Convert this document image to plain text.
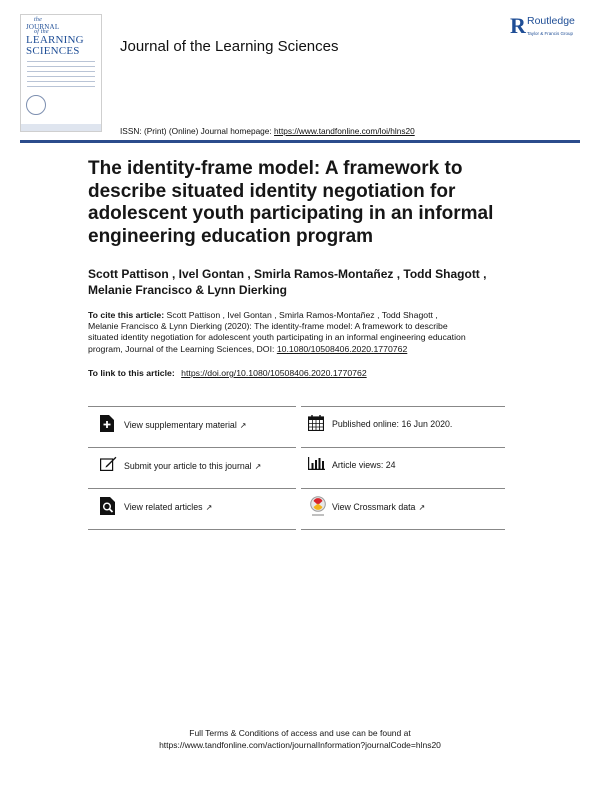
the
JOURNAL
of the
LEARNING
SCIENCES
R Routledge
Taylor & Francis Group
Journal of the Learning Sciences
ISSN: (Print) (Online) Journal homepage: https://www.tandfonline.com/loi/hlns20
The identity-frame model: A framework to
describe situated identity negotiation for
adolescent youth participating in an informal
engineering education program
Scott Pattison , Ivel Gontan , Smirla Ramos-Montañez , Todd Shagott ,
Melanie Francisco & Lynn Dierking
To cite this article: Scott Pattison , Ivel Gontan , Smirla Ramos-Montañez , Todd Shagott ,
Melanie Francisco & Lynn Dierking (2020): The identity-frame model: A framework to describe
situated identity negotiation for adolescent youth participating in an informal engineering education
program, Journal of the Learning Sciences, DOI: 10.1080/10508406.2020.1770762
To link to this article: https://doi.org/10.1080/10508406.2020.1770762
View supplementary material ↗	Published online: 16 Jun 2020.
Submit your article to this journal ↗	Article views: 24
View related articles ↗	View Crossmark data ↗
Full Terms & Conditions of access and use can be found at
https://www.tandfonline.com/action/journalInformation?journalCode=hlns20
